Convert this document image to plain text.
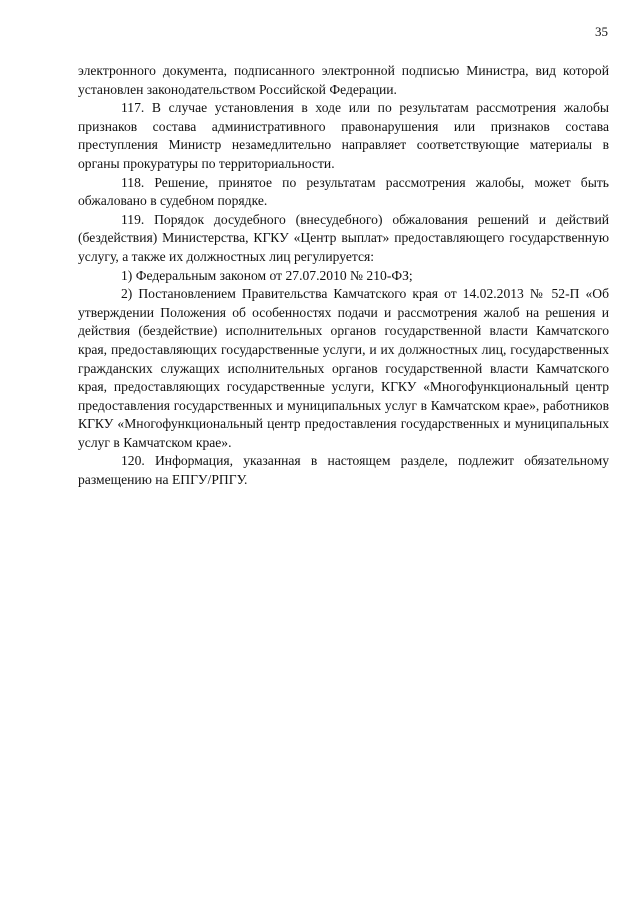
35

электронного документа, подписанного электронной подписью Министра, вид которой установлен законодательством Российской Федерации.

117. В случае установления в ходе или по результатам рассмотрения жалобы признаков состава административного правонарушения или признаков состава преступления Министр незамедлительно направляет соответствующие материалы в органы прокуратуры по территориальности.

118. Решение, принятое по результатам рассмотрения жалобы, может быть обжаловано в судебном порядке.

119. Порядок досудебного (внесудебного) обжалования решений и действий (бездействия) Министерства, КГКУ «Центр выплат» предоставляющего государственную услугу, а также их должностных лиц регулируется:

1) Федеральным законом от 27.07.2010 № 210-ФЗ;

2) Постановлением Правительства Камчатского края от 14.02.2013 № 52-П «Об утверждении Положения об особенностях подачи и рассмотрения жалоб на решения и действия (бездействие) исполнительных органов государственной власти Камчатского края, предоставляющих государственные услуги, и их должностных лиц, государственных гражданских служащих исполнительных органов государственной власти Камчатского края, предоставляющих государственные услуги, КГКУ «Многофункциональный центр предоставления государственных и муниципальных услуг в Камчатском крае», работников КГКУ «Многофункциональный центр предоставления государственных и муниципальных услуг в Камчатском крае».

120. Информация, указанная в настоящем разделе, подлежит обязательному размещению на ЕПГУ/РПГУ.
